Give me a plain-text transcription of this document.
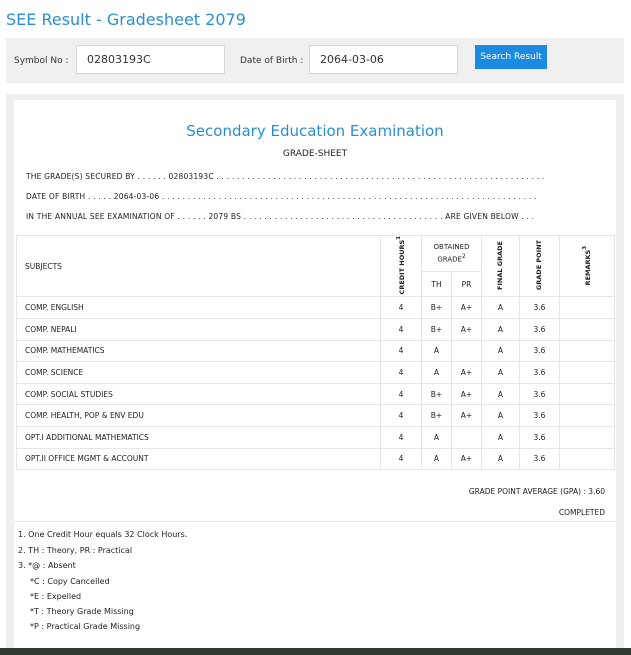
SEE Result - Gradesheet 2079
Symbol No :	02803193C	Date of Birth :	2064-03-06	Search Result
Secondary Education Examination
GRADE-SHEET
THE GRADE(S) SECURED BY . . . . . . 02803193C . . . . . . . . . . . . . . . . . . . . . . . . . . . . . . . . . . . . . . . . . . . . . . . . . . . . . . . . . . . . . . . .
DATE OF BIRTH . . . . . 2064-03-06 . . . . . . . . . . . . . . . . . . . . . . . . . . . . . . . . . . . . . . . . . . . . . . . . . . . . . . . . . . . . . . . . . . . . . . . . .
IN THE ANNUAL SEE EXAMINATION OF . . . . . . 2079 BS . . . . . . . . . . . . . . . . . . . . . . . . . . . . . . . . . . . . . . . ARE GIVEN BELOW . . .
SUBJECTS	CREDIT HOURS$^1$	OBTAINED GRADE$^2$		FINAL GRADE	GRADE POINT	REMARKS$^3$
		TH	PR			
COMP. ENGLISH	4	B+	A+	A	3.6	
COMP. NEPALI	4	B+	A+	A	3.6	
COMP. MATHEMATICS	4	A		A	3.6	
COMP. SCIENCE	4	A	A+	A	3.6	
COMP. SOCIAL STUDIES	4	B+	A+	A	3.6	
COMP. HEALTH, POP & ENV EDU	4	B+	A+	A	3.6	
OPT.I ADDITIONAL MATHEMATICS	4	A		A	3.6	
OPT.II OFFICE MGMT & ACCOUNT	4	A	A+	A	3.6	
GRADE POINT AVERAGE (GPA) : 3.60
COMPLETED
1. One Credit Hour equals 32 Clock Hours.
2. TH : Theory, PR : Practical
3. *@ : Absent
*C : Copy Cancelled
*E : Expelled
*T : Theory Grade Missing
*P : Practical Grade Missing
